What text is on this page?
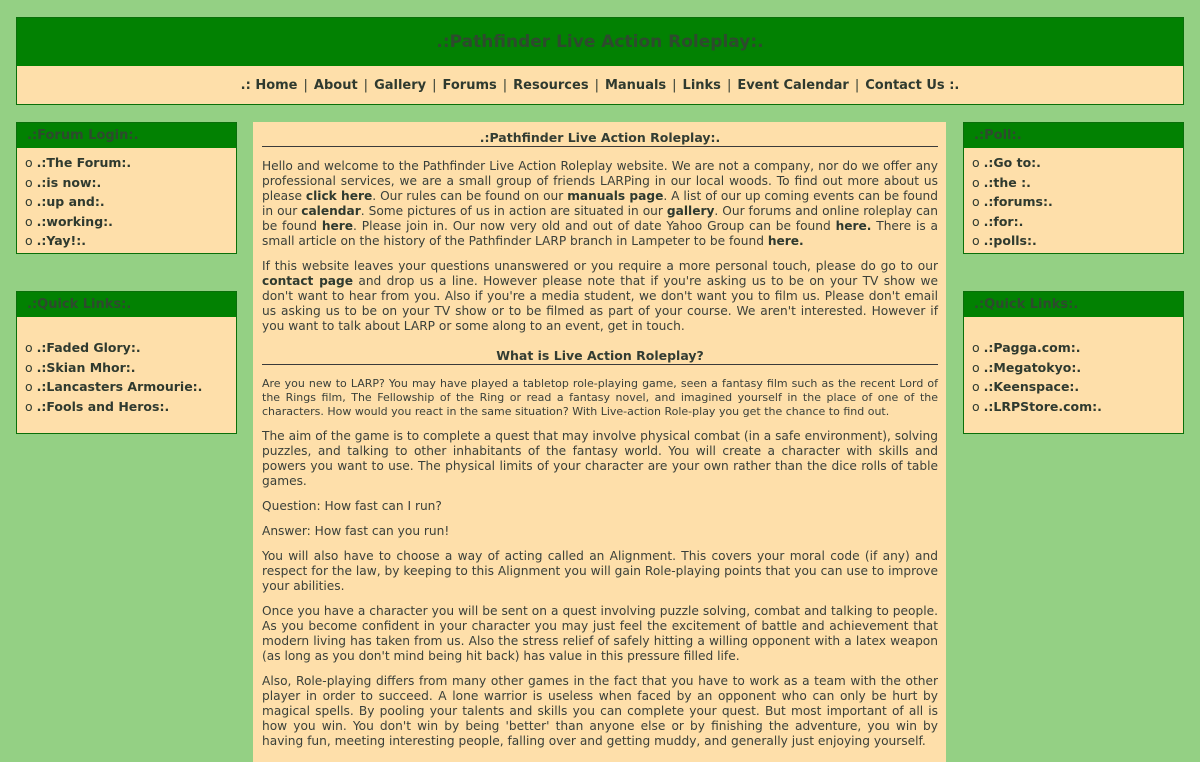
.:Pathfinder Live Action Roleplay:.
.:
Home | About | Gallery | Forums | Resources | Manuals | Links | Event Calendar | Contact Us
:.
.:Forum Login:.
o .:The Forum:.
o .:is now:.
o .:up and:.
o .:working:.
o .:Yay!:.
.:Quick Links:.
o .:Faded Glory:.
o .:Skian Mhor:.
o .:Lancasters Armourie:.
o .:Fools and Heros:.
.:Poll:.
o .:Go to:.
o .:the :.
o .:forums:.
o .:for:.
o .:polls:.
.:Quick Links:.
o .:Pagga.com:.
o .:Megatokyo:.
o .:Keenspace:.
o .:LRPStore.com:.
.:Pathfinder Live Action Roleplay:.

Hello and welcome to the Pathfinder Live Action Roleplay website. We are not a company, nor do we offer any professional services, we are a small group of friends LARPing in our local woods. To find out more about us please click here. Our rules can be found on our manuals page. A list of our up coming events can be found in our calendar. Some pictures of us in action are situated in our gallery. Our forums and online roleplay can be found here. Please join in. Our now very old and out of date Yahoo Group can be found here. There is a small article on the history of the Pathfinder LARP branch in Lampeter to be found here.

If this website leaves your questions unanswered or you require a more personal touch, please do go to our contact page and drop us a line. However please note that if you're asking us to be on your TV show we don't want to hear from you. Also if you're a media student, we don't want you to film us. Please don't email us asking us to be on your TV show or to be filmed as part of your course. We aren't interested. However if you want to talk about LARP or some along to an event, get in touch.

What is Live Action Roleplay?

Are you new to LARP? You may have played a tabletop role-playing game, seen a fantasy film such as the recent Lord of the Rings film, The Fellowship of the Ring or read a fantasy novel, and imagined yourself in the place of one of the characters. How would you react in the same situation? With Live-action Role-play you get the chance to find out.

The aim of the game is to complete a quest that may involve physical combat (in a safe environment), solving puzzles, and talking to other inhabitants of the fantasy world. You will create a character with skills and powers you want to use. The physical limits of your character are your own rather than the dice rolls of table games.

Question: How fast can I run?

Answer: How fast can you run!

You will also have to choose a way of acting called an Alignment. This covers your moral code (if any) and respect for the law, by keeping to this Alignment you will gain Role-playing points that you can use to improve your abilities.

Once you have a character you will be sent on a quest involving puzzle solving, combat and talking to people. As you become confident in your character you may just feel the excitement of battle and achievement that modern living has taken from us. Also the stress relief of safely hitting a willing opponent with a latex weapon (as long as you don't mind being hit back) has value in this pressure filled life.

Also, Role-playing differs from many other games in the fact that you have to work as a team with the other player in order to succeed. A lone warrior is useless when faced by an opponent who can only be hurt by magical spells. By pooling your talents and skills you can complete your quest. But most important of all is how you win. You don't win by being 'better' than anyone else or by finishing the adventure, you win by having fun, meeting interesting people, falling over and getting muddy, and generally just enjoying yourself.
